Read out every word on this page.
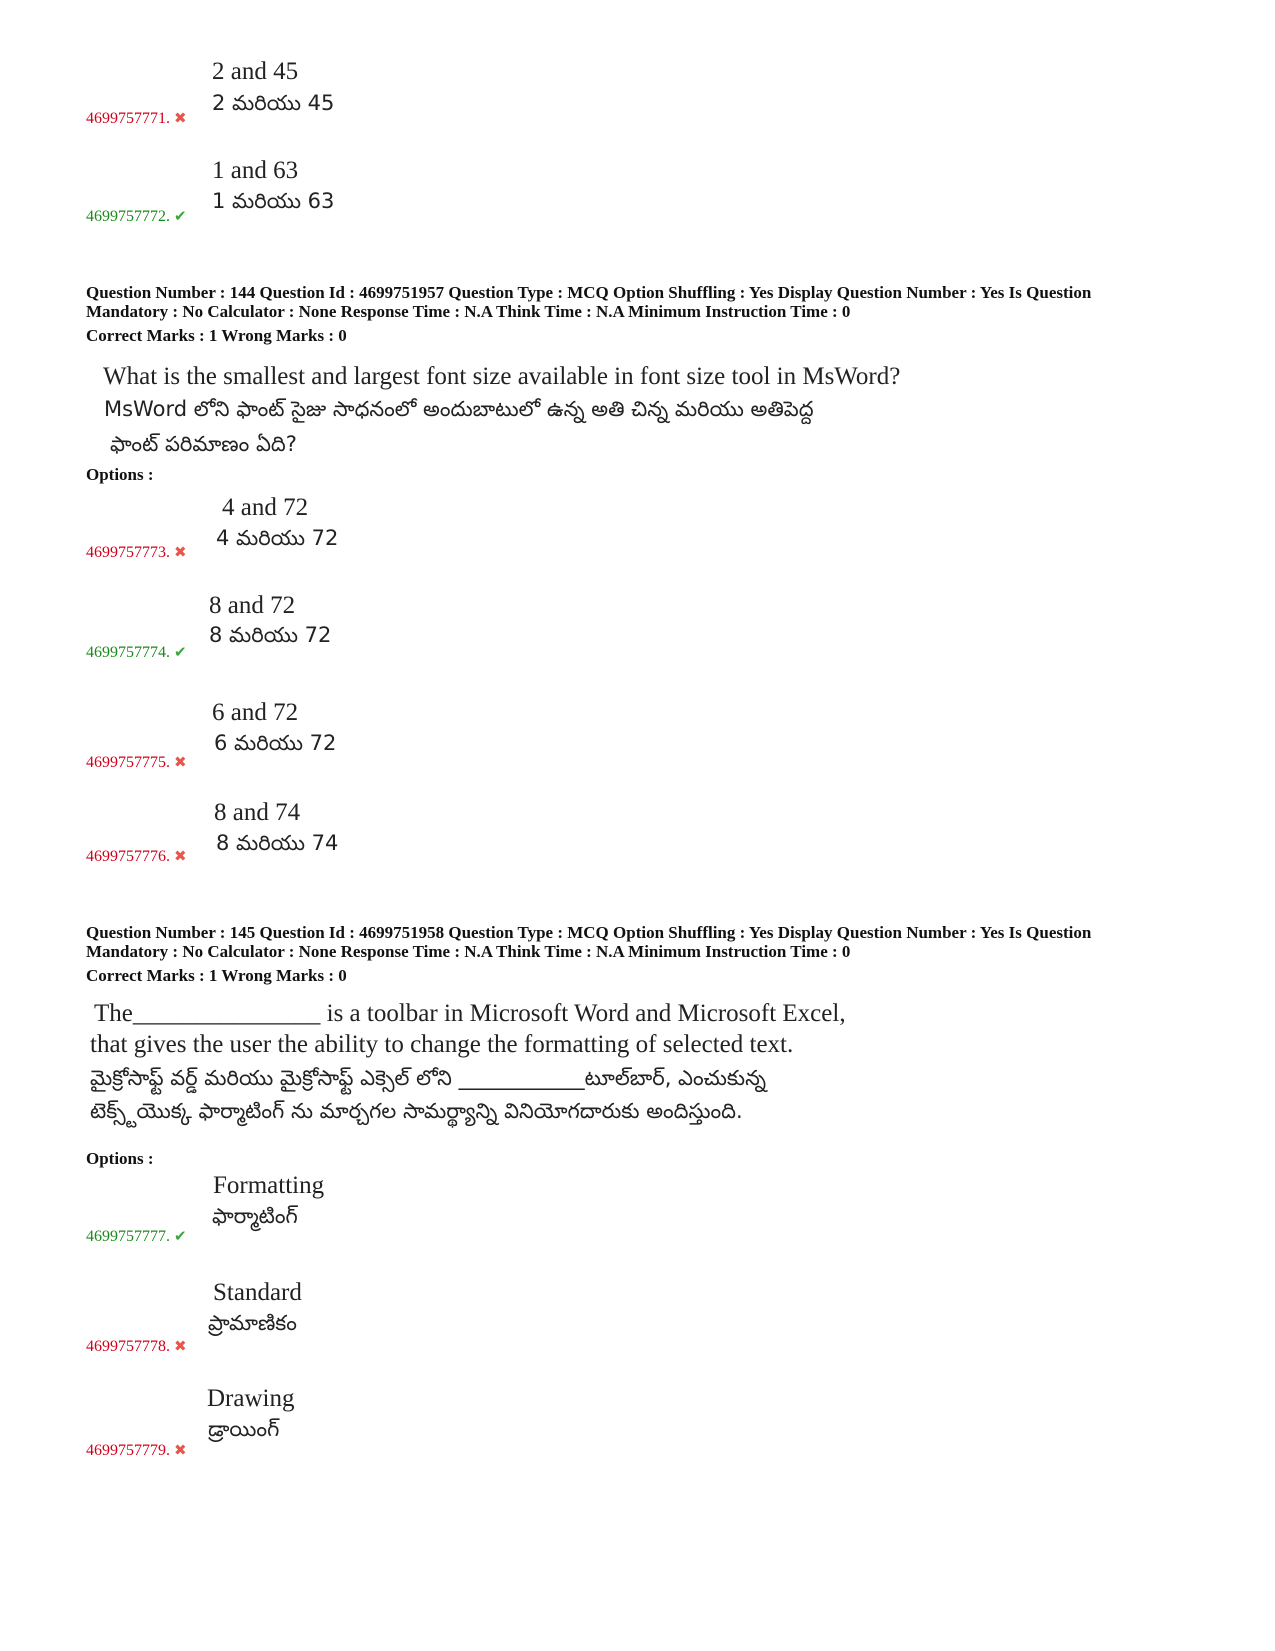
2 and 45
2 మరియు 45
4699757771. ✖
1 and 63
1 మరియు 63
4699757772. ✔
Question Number : 144 Question Id : 4699751957 Question Type : MCQ Option Shuffling : Yes Display Question Number : Yes Is Question
Mandatory : No Calculator : None Response Time : N.A Think Time : N.A Minimum Instruction Time : 0
Correct Marks : 1 Wrong Marks : 0
What is the smallest and largest font size available in font size tool in MsWord?
MsWord లోని ఫాంట్ సైజు సాధనంలో అందుబాటులో ఉన్న అతి చిన్న మరియు అతిపెద్ద
ఫాంట్ పరిమాణం ఏది?
Options :
4 and 72
4 మరియు 72
4699757773. ✖
8 and 72
8 మరియు 72
4699757774. ✔
6 and 72
6 మరియు 72
4699757775. ✖
8 and 74
8 మరియు 74
4699757776. ✖
Question Number : 145 Question Id : 4699751958 Question Type : MCQ Option Shuffling : Yes Display Question Number : Yes Is Question
Mandatory : No Calculator : None Response Time : N.A Think Time : N.A Minimum Instruction Time : 0
Correct Marks : 1 Wrong Marks : 0
The_______________ is a toolbar in Microsoft Word and Microsoft Excel,
that gives the user the ability to change the formatting of selected text.
మైక్రోసాఫ్ట్ వర్డ్ మరియు మైక్రోసాఫ్ట్ ఎక్సెల్ లోని ____________టూల్‌బార్, ఎంచుకున్న
టెక్స్ట్‌యొక్క ఫార్మాటింగ్ ను మార్చగల సామర్థ్యాన్ని వినియోగదారుకు అందిస్తుంది.
Options :
Formatting
ఫార్మాటింగ్
4699757777. ✔
Standard
ప్రామాణికం
4699757778. ✖
Drawing
డ్రాయింగ్
4699757779. ✖
